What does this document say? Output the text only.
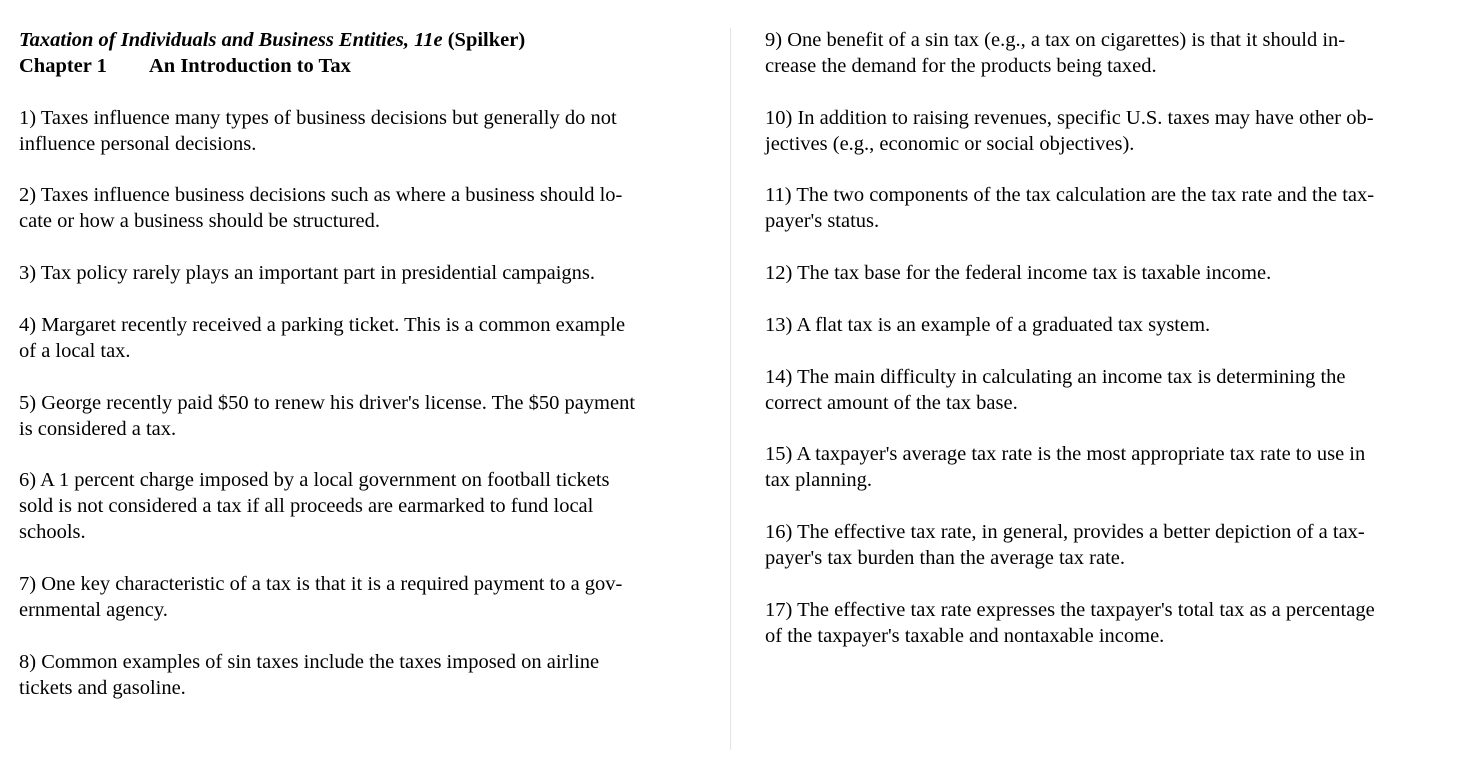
Taxation of Individuals and Business Entities, 11e (Spilker)
Chapter 1 An Introduction to Tax

1) Taxes influence many types of business decisions but generally do not
influence personal decisions.

2) Taxes influence business decisions such as where a business should lo-
cate or how a business should be structured.

3) Tax policy rarely plays an important part in presidential campaigns.

4) Margaret recently received a parking ticket. This is a common example
of a local tax.

5) George recently paid $50 to renew his driver's license. The $50 payment
is considered a tax.

6) A 1 percent charge imposed by a local government on football tickets
sold is not considered a tax if all proceeds are earmarked to fund local
schools.

7) One key characteristic of a tax is that it is a required payment to a gov-
ernmental agency.

8) Common examples of sin taxes include the taxes imposed on airline
tickets and gasoline.

9) One benefit of a sin tax (e.g., a tax on cigarettes) is that it should in-
crease the demand for the products being taxed.

10) In addition to raising revenues, specific U.S. taxes may have other ob-
jectives (e.g., economic or social objectives).

11) The two components of the tax calculation are the tax rate and the tax-
payer's status.

12) The tax base for the federal income tax is taxable income.

13) A flat tax is an example of a graduated tax system.

14) The main difficulty in calculating an income tax is determining the
correct amount of the tax base.

15) A taxpayer's average tax rate is the most appropriate tax rate to use in
tax planning.

16) The effective tax rate, in general, provides a better depiction of a tax-
payer's tax burden than the average tax rate.

17) The effective tax rate expresses the taxpayer's total tax as a percentage
of the taxpayer's taxable and nontaxable income.
